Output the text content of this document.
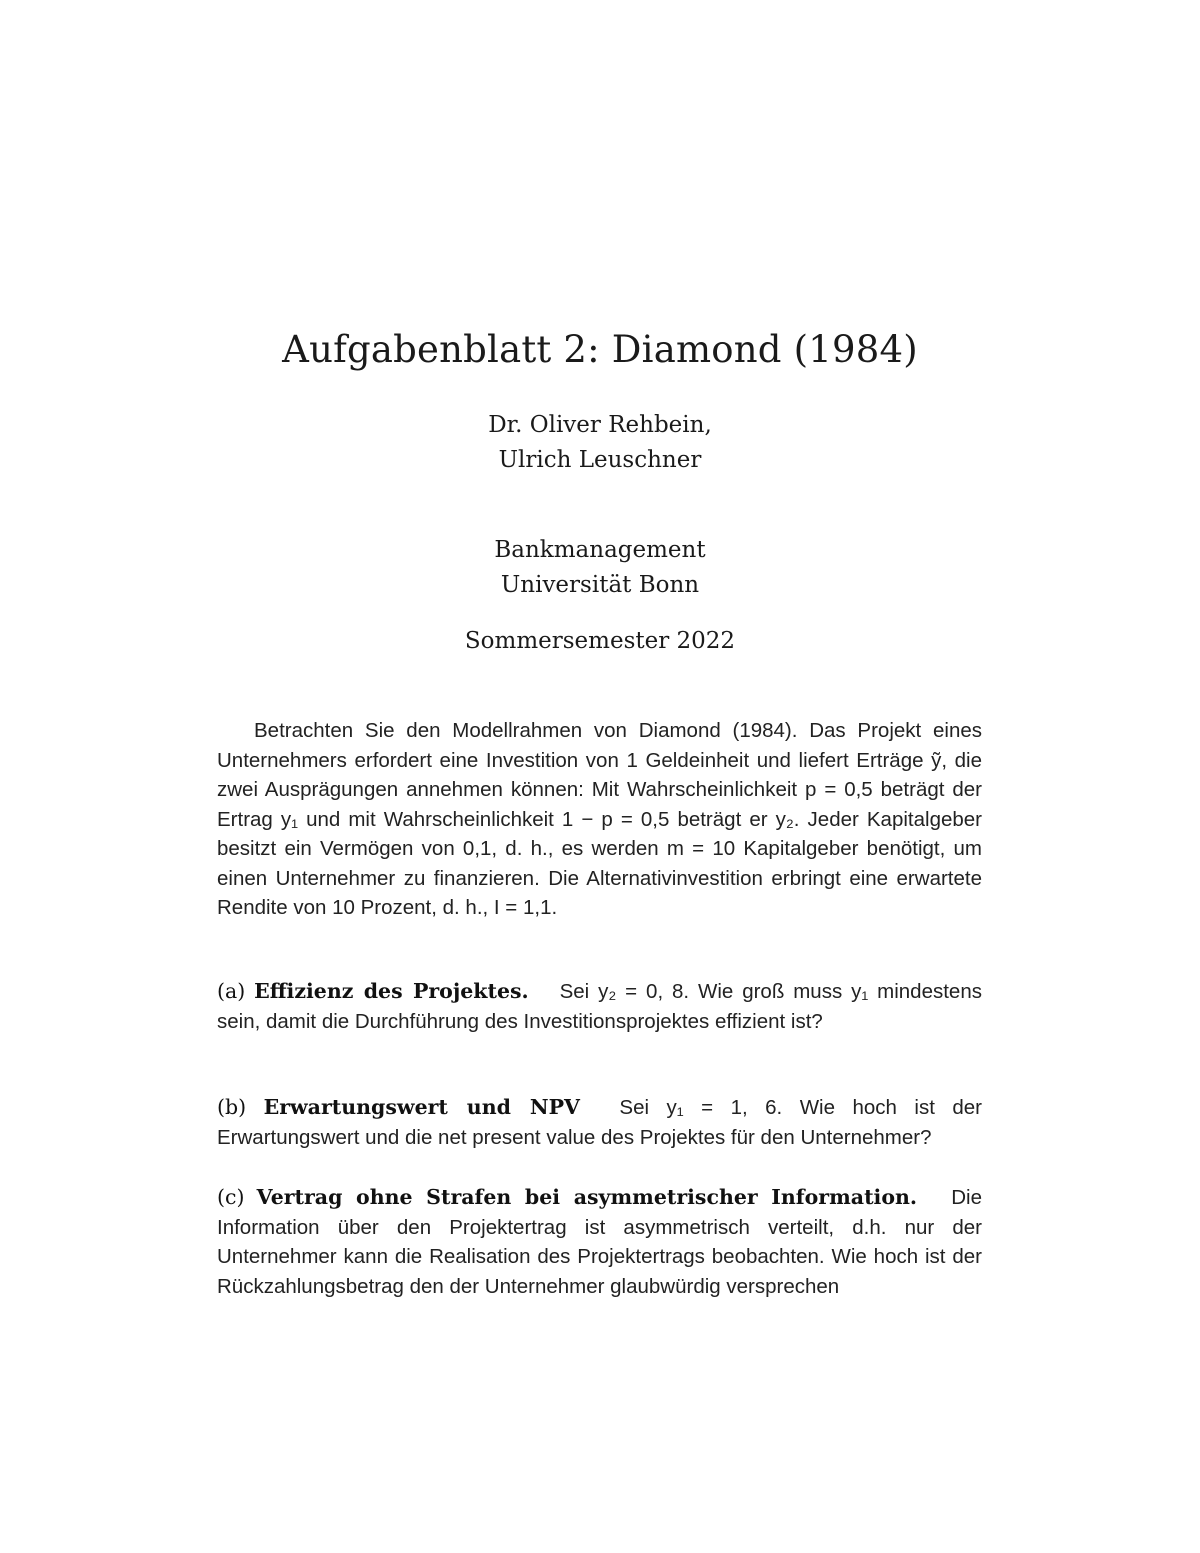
Aufgabenblatt 2: Diamond (1984)
Dr. Oliver Rehbein,
Ulrich Leuschner
Bankmanagement
Universität Bonn
Sommersemester 2022
Betrachten Sie den Modellrahmen von Diamond (1984). Das Projekt eines Unternehmers erfordert eine Investition von 1 Geldeinheit und liefert Erträge ỹ, die zwei Ausprägungen annehmen können: Mit Wahrscheinlichkeit p = 0,5 beträgt der Ertrag y₁ und mit Wahrscheinlichkeit 1 − p = 0,5 beträgt er y₂. Jeder Kapitalgeber besitzt ein Vermögen von 0,1, d. h., es werden m = 10 Kapitalgeber benötigt, um einen Unternehmer zu finanzieren. Die Alternativinvestition erbringt eine erwartete Rendite von 10 Prozent, d. h., I = 1,1.
(a) Effizienz des Projektes. Sei y₂ = 0, 8. Wie groß muss y₁ mindestens sein, damit die Durchführung des Investitionsprojektes effizient ist?
(b) Erwartungswert und NPV Sei y₁ = 1, 6. Wie hoch ist der Erwartungswert und die net present value des Projektes für den Unternehmer?
(c) Vertrag ohne Strafen bei asymmetrischer Information. Die Information über den Projektertrag ist asymmetrisch verteilt, d.h. nur der Unternehmer kann die Realisation des Projektertrags beobachten. Wie hoch ist der Rückzahlungsbetrag den der Unternehmer glaubwürdig versprechen
